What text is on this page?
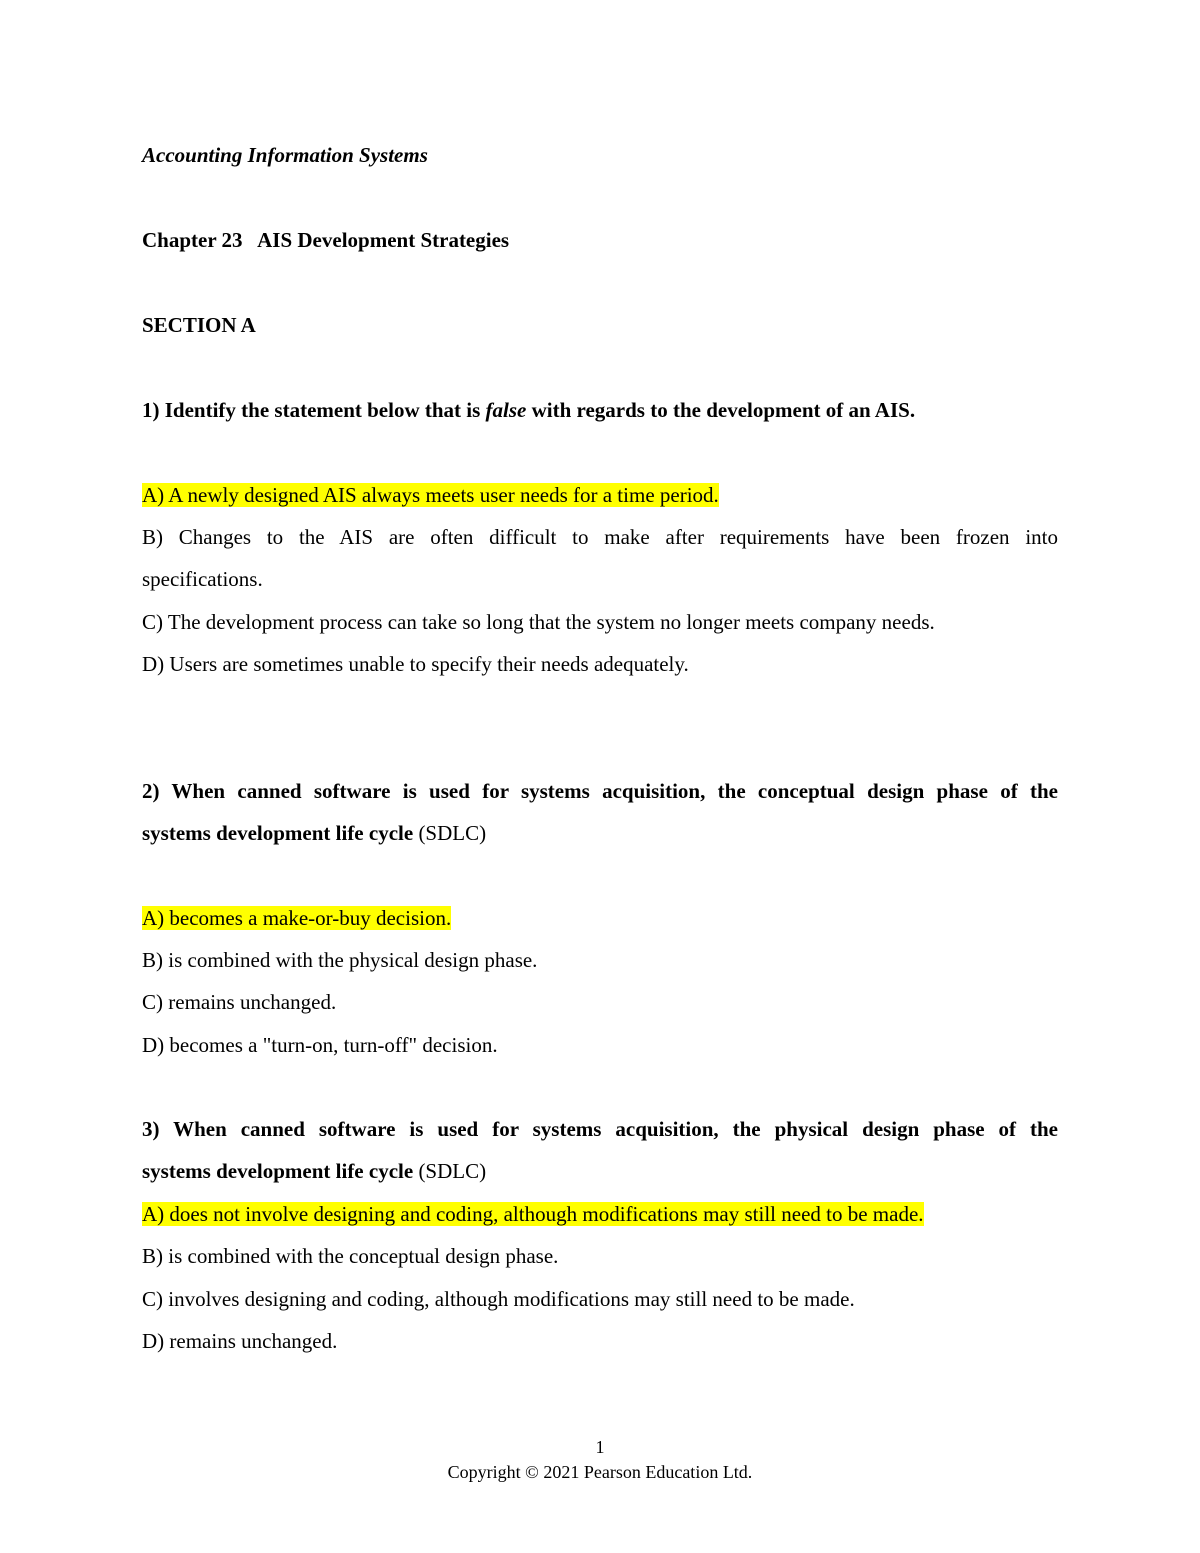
Accounting Information Systems
Chapter 23   AIS Development Strategies
SECTION A
1) Identify the statement below that is false with regards to the development of an AIS.
A) A newly designed AIS always meets user needs for a time period.
B) Changes to the AIS are often difficult to make after requirements have been frozen into
specifications.
C) The development process can take so long that the system no longer meets company needs.
D) Users are sometimes unable to specify their needs adequately.
2) When canned software is used for systems acquisition, the conceptual design phase of the
systems development life cycle (SDLC)
A) becomes a make-or-buy decision.
B) is combined with the physical design phase.
C) remains unchanged.
D) becomes a "turn-on, turn-off" decision.
3) When canned software is used for systems acquisition, the physical design phase of the
systems development life cycle (SDLC)
A) does not involve designing and coding, although modifications may still need to be made.
B) is combined with the conceptual design phase.
C) involves designing and coding, although modifications may still need to be made.
D) remains unchanged.
1
Copyright © 2021 Pearson Education Ltd.
